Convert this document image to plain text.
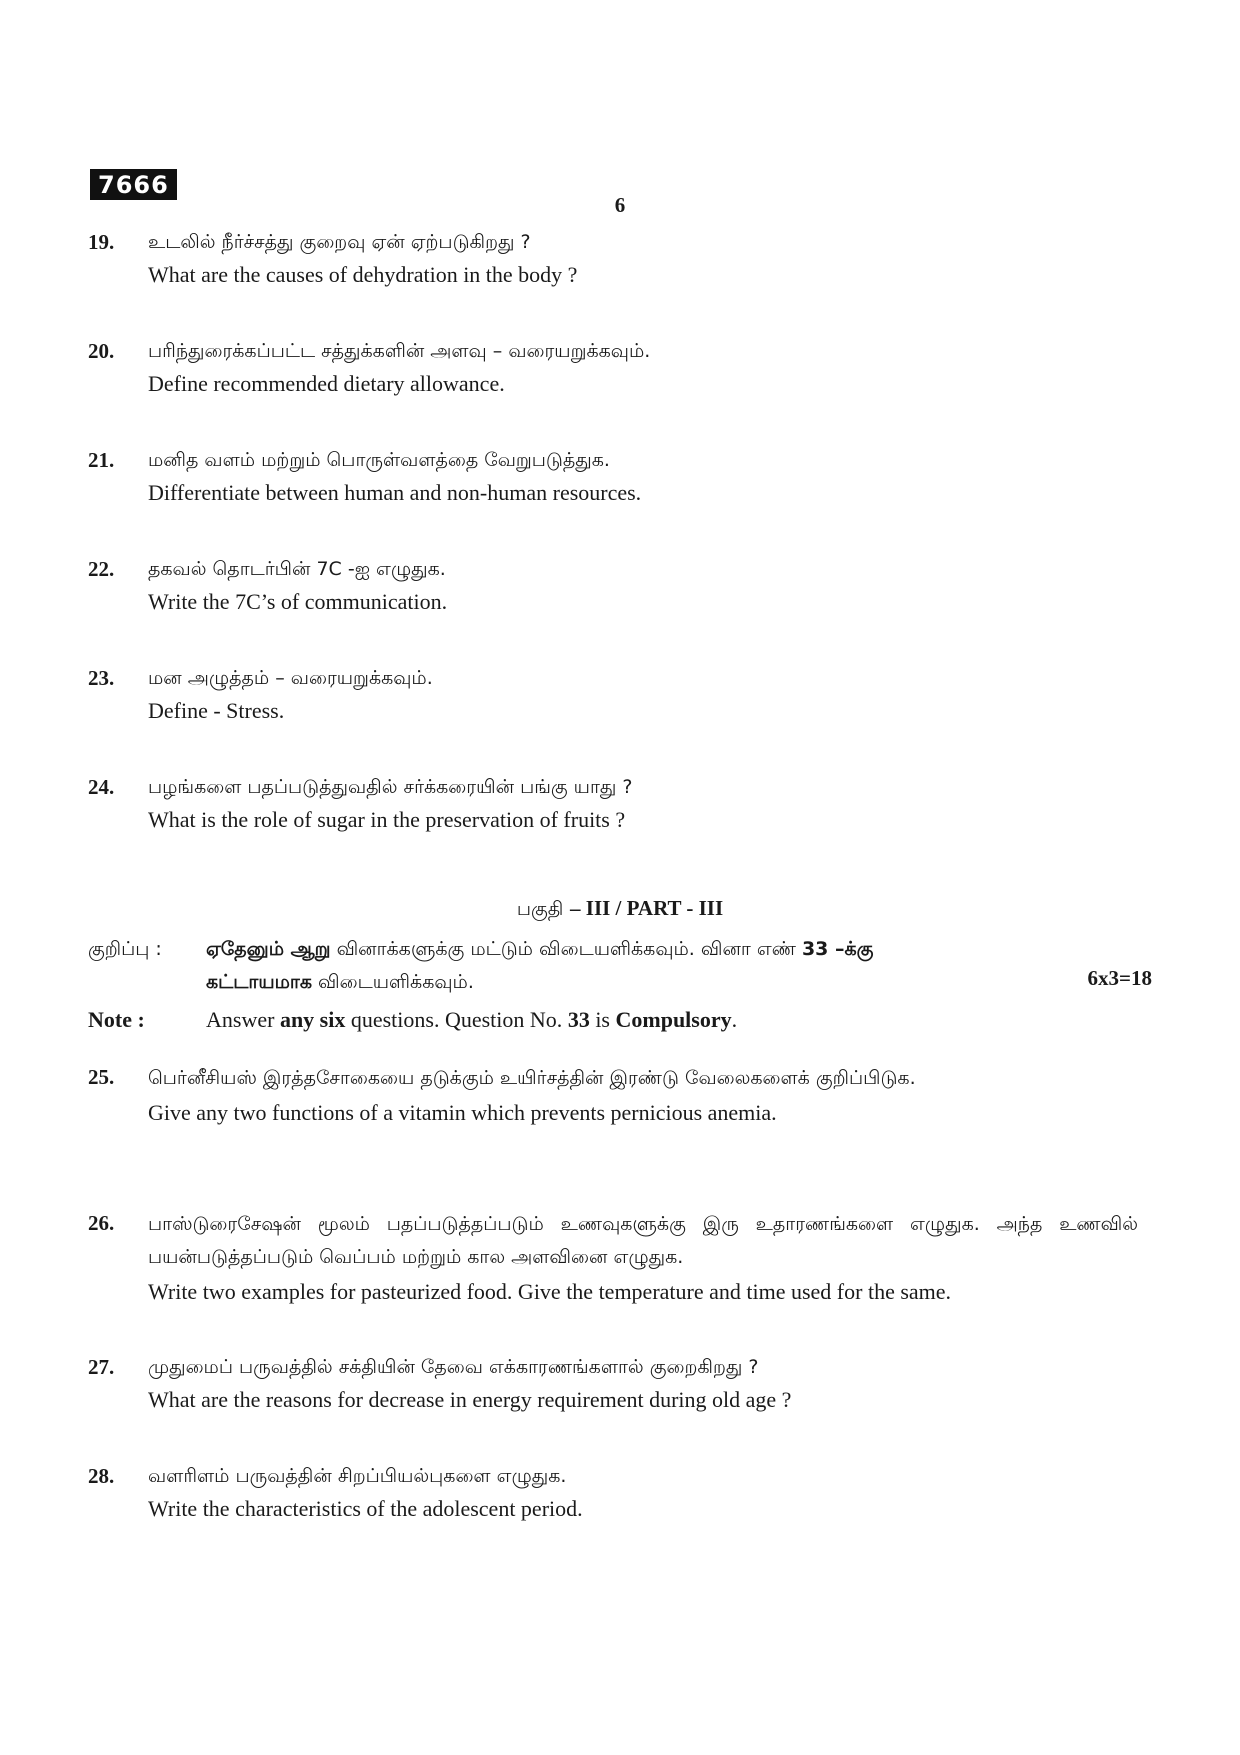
7666
6
19. உடலில் நீர்ச்சத்து குறைவு ஏன் ஏற்படுகிறது ?
What are the causes of dehydration in the body ?
20. பரிந்துரைக்கப்பட்ட சத்துக்களின் அளவு – வரையறுக்கவும்.
Define recommended dietary allowance.
21. மனித வளம் மற்றும் பொருள்வளத்தை வேறுபடுத்துக.
Differentiate between human and non-human resources.
22. தகவல் தொடர்பின் 7C -ஐ எழுதுக.
Write the 7C’s of communication.
23. மன அழுத்தம் – வரையறுக்கவும்.
Define - Stress.
24. பழங்களை பதப்படுத்துவதில் சர்க்கரையின் பங்கு யாது ?
What is the role of sugar in the preservation of fruits ?
பகுதி – III / PART - III
குறிப்பு : ஏதேனும் ஆறு வினாக்களுக்கு மட்டும் விடையளிக்கவும். வினா எண் 33 –க்கு
கட்டாயமாக விடையளிக்கவும்.	6x3=18
Note :	Answer any six questions. Question No. 33 is Compulsory.
25. பெர்னீசியஸ் இரத்தசோகையை தடுக்கும் உயிர்சத்தின் இரண்டு வேலைகளைக் குறிப்பிடுக.
Give any two functions of a vitamin which prevents pernicious anemia.
26. பாஸ்டுரைசேஷன் மூலம் பதப்படுத்தப்படும் உணவுகளுக்கு இரு உதாரணங்களை எழுதுக. அந்த உணவில் பயன்படுத்தப்படும் வெப்பம் மற்றும் கால அளவினை எழுதுக.
Write two examples for pasteurized food. Give the temperature and time used for the same.
27. முதுமைப் பருவத்தில் சக்தியின் தேவை எக்காரணங்களால் குறைகிறது ?
What are the reasons for decrease in energy requirement during old age ?
28. வளரிளம் பருவத்தின் சிறப்பியல்புகளை எழுதுக.
Write the characteristics of the adolescent period.
